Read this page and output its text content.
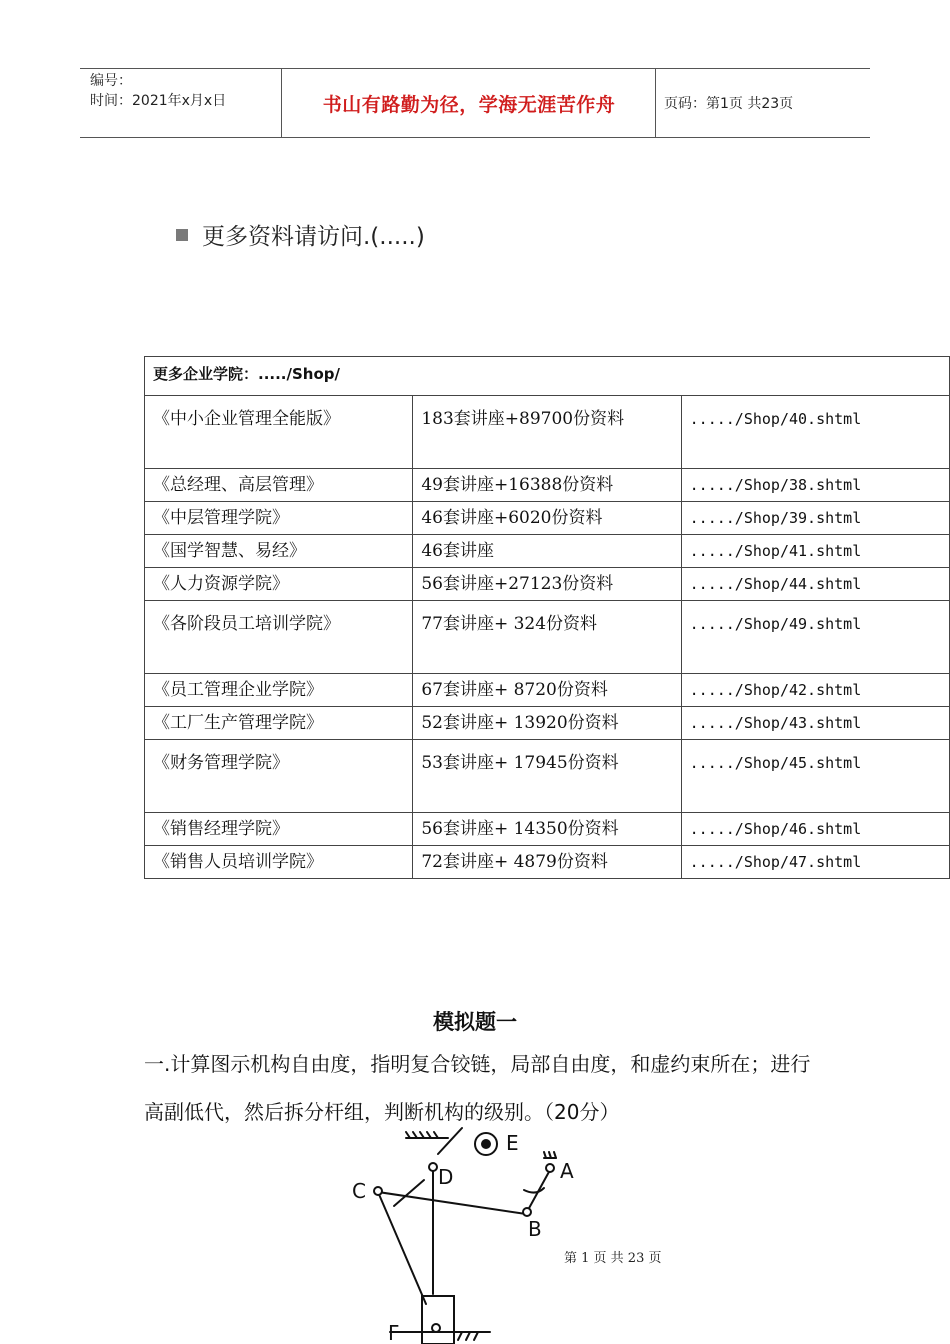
编号：
时间：2021年x月x日	书山有路勤为径，学海无涯苦作舟	页码：第1页 共23页
更多资料请访问.(.....)
更多企业学院：...../Shop/		
《中小企业管理全能版》	183套讲座+89700份资料	...../Shop/40.shtml
《总经理、高层管理》	49套讲座+16388份资料	...../Shop/38.shtml
《中层管理学院》	46套讲座+6020份资料	...../Shop/39.shtml
《国学智慧、易经》	46套讲座	...../Shop/41.shtml
《人力资源学院》	56套讲座+27123份资料	...../Shop/44.shtml
《各阶段员工培训学院》	77套讲座+ 324份资料	...../Shop/49.shtml
《员工管理企业学院》	67套讲座+ 8720份资料	...../Shop/42.shtml
《工厂生产管理学院》	52套讲座+ 13920份资料	...../Shop/43.shtml
《财务管理学院》	53套讲座+ 17945份资料	...../Shop/45.shtml
《销售经理学院》	56套讲座+ 14350份资料	...../Shop/46.shtml
《销售人员培训学院》	72套讲座+ 4879份资料	...../Shop/47.shtml
模拟题一
一.计算图示机构自由度，指明复合铰链，局部自由度，和虚约束所在；进行高副低代，然后拆分杆组，判断机构的级别。（20分）
E
D
C
A
B
F
第 1 页 共 23 页
